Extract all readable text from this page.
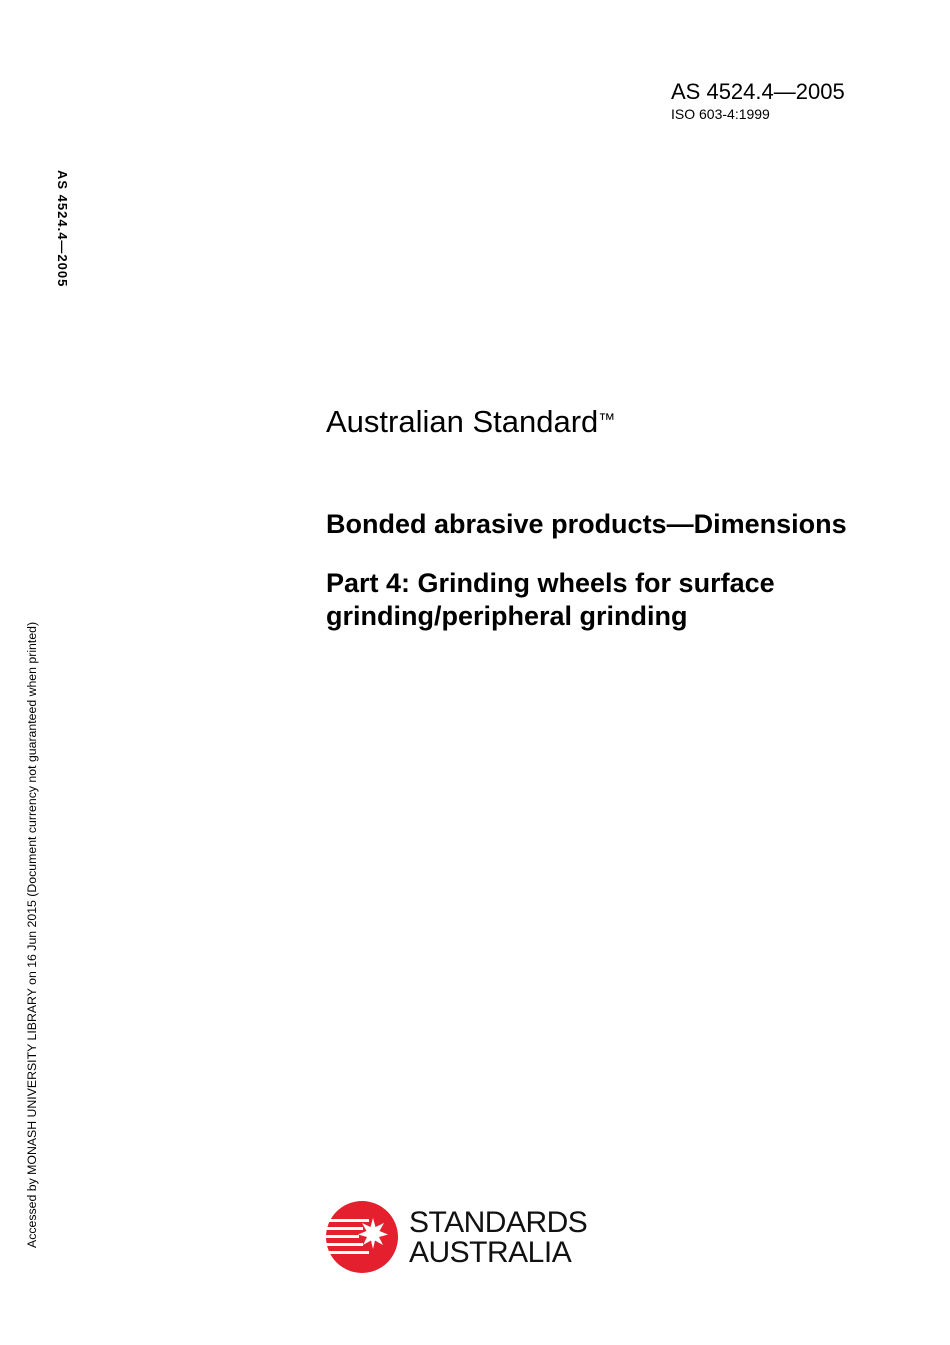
AS 4524.4—2005
ISO 603-4:1999
AS 4524.4—2005
Accessed by MONASH UNIVERSITY LIBRARY on 16 Jun 2015 (Document currency not guaranteed when printed)
Australian Standard™
Bonded abrasive products—Dimensions
Part 4: Grinding wheels for surface
grinding/peripheral grinding
STANDARDS
AUSTRALIA
